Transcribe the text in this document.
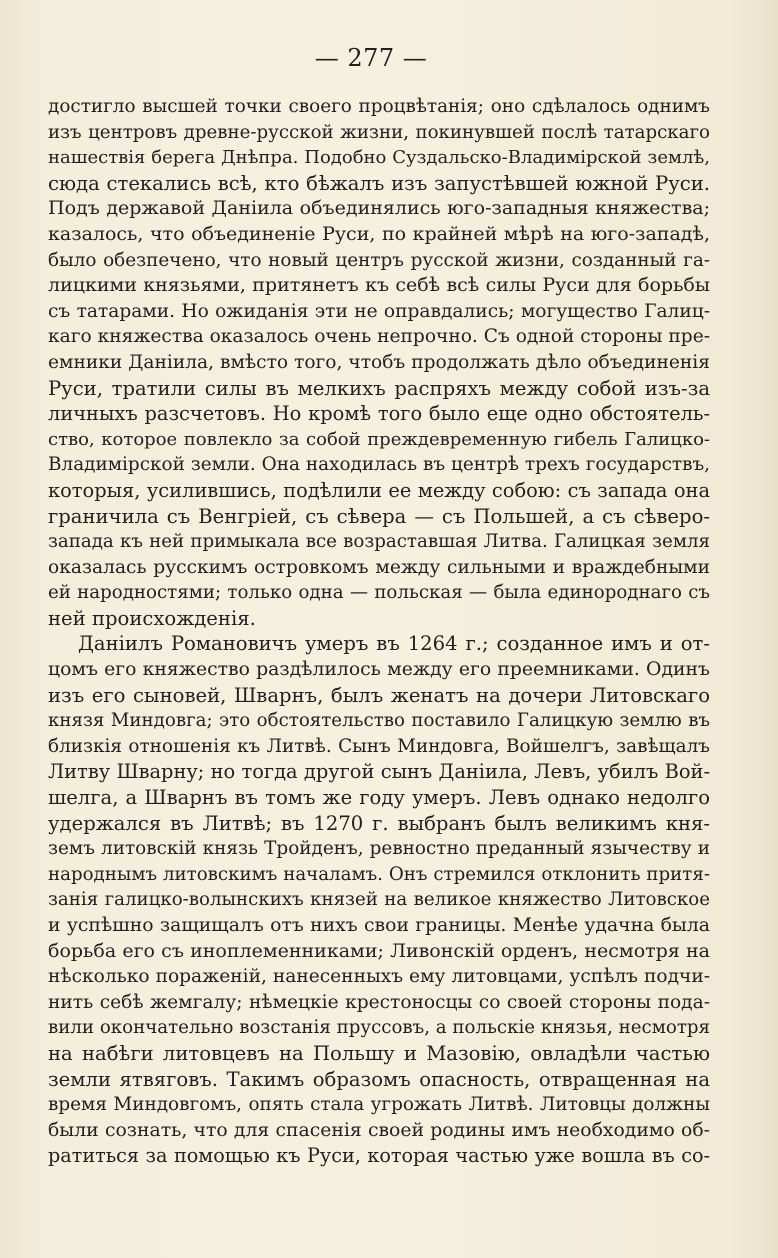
— 277 —
достигло высшей точки своего процвѣтанія; оно сдѣлалось однимъ
изъ центровъ древне-русской жизни, покинувшей послѣ татарскаго
нашествія берега Днѣпра. Подобно Суздальско-Владимірской землѣ,
сюда стекались всѣ, кто бѣжалъ изъ запустѣвшей южной Руси.
Подъ державой Даніила объединялись юго-западныя княжества;
казалось, что объединеніе Руси, по крайней мѣрѣ на юго-западѣ,
было обезпечено, что новый центръ русской жизни, созданный га-
лицкими князьями, притянетъ къ себѣ всѣ силы Руси для борьбы
съ татарами. Но ожиданія эти не оправдались; могущество Галиц-
каго княжества оказалось очень непрочно. Съ одной стороны пре-
емники Даніила, вмѣсто того, чтобъ продолжать дѣло объединенія
Руси, тратили силы въ мелкихъ распряхъ между собой изъ-за
личныхъ разсчетовъ. Но кромѣ того было еще одно обстоятель-
ство, которое повлекло за собой преждевременную гибель Галицко-
Владимірской земли. Она находилась въ центрѣ трехъ государствъ,
которыя, усилившись, подѣлили ее между собою: съ запада она
граничила съ Венгріей, съ сѣвера — съ Польшей, а съ сѣверо-
запада къ ней примыкала все возраставшая Литва. Галицкая земля
оказалась русскимъ островкомъ между сильными и враждебными
ей народностями; только одна — польская — была единороднаго съ
ней происхожденія.
Даніилъ Романовичъ умеръ въ 1264 г.; созданное имъ и от-
цомъ его княжество раздѣлилось между его преемниками. Одинъ
изъ его сыновей, Шварнъ, былъ женатъ на дочери Литовскаго
князя Миндовга; это обстоятельство поставило Галицкую землю въ
близкія отношенія къ Литвѣ. Сынъ Миндовга, Войшелгъ, завѣщалъ
Литву Шварну; но тогда другой сынъ Даніила, Левъ, убилъ Вой-
шелга, а Шварнъ въ томъ же году умеръ. Левъ однако недолго
удержался въ Литвѣ; въ 1270 г. выбранъ былъ великимъ кня-
земъ литовскій князь Тройденъ, ревностно преданный язычеству и
народнымъ литовскимъ началамъ. Онъ стремился отклонить притя-
занія галицко-волынскихъ князей на великое княжество Литовское
и успѣшно защищалъ отъ нихъ свои границы. Менѣе удачна была
борьба его съ иноплеменниками; Ливонскій орденъ, несмотря на
нѣсколько пораженій, нанесенныхъ ему литовцами, успѣлъ подчи-
нить себѣ жемгалу; нѣмецкіе крестоносцы со своей стороны пода-
вили окончательно возстанія пруссовъ, а польскіе князья, несмотря
на набѣги литовцевъ на Польшу и Мазовію, овладѣли частью
земли ятвяговъ. Такимъ образомъ опасность, отвращенная на
время Миндовгомъ, опять стала угрожать Литвѣ. Литовцы должны
были сознать, что для спасенія своей родины имъ необходимо об-
ратиться за помощью къ Руси, которая частью уже вошла въ со-
